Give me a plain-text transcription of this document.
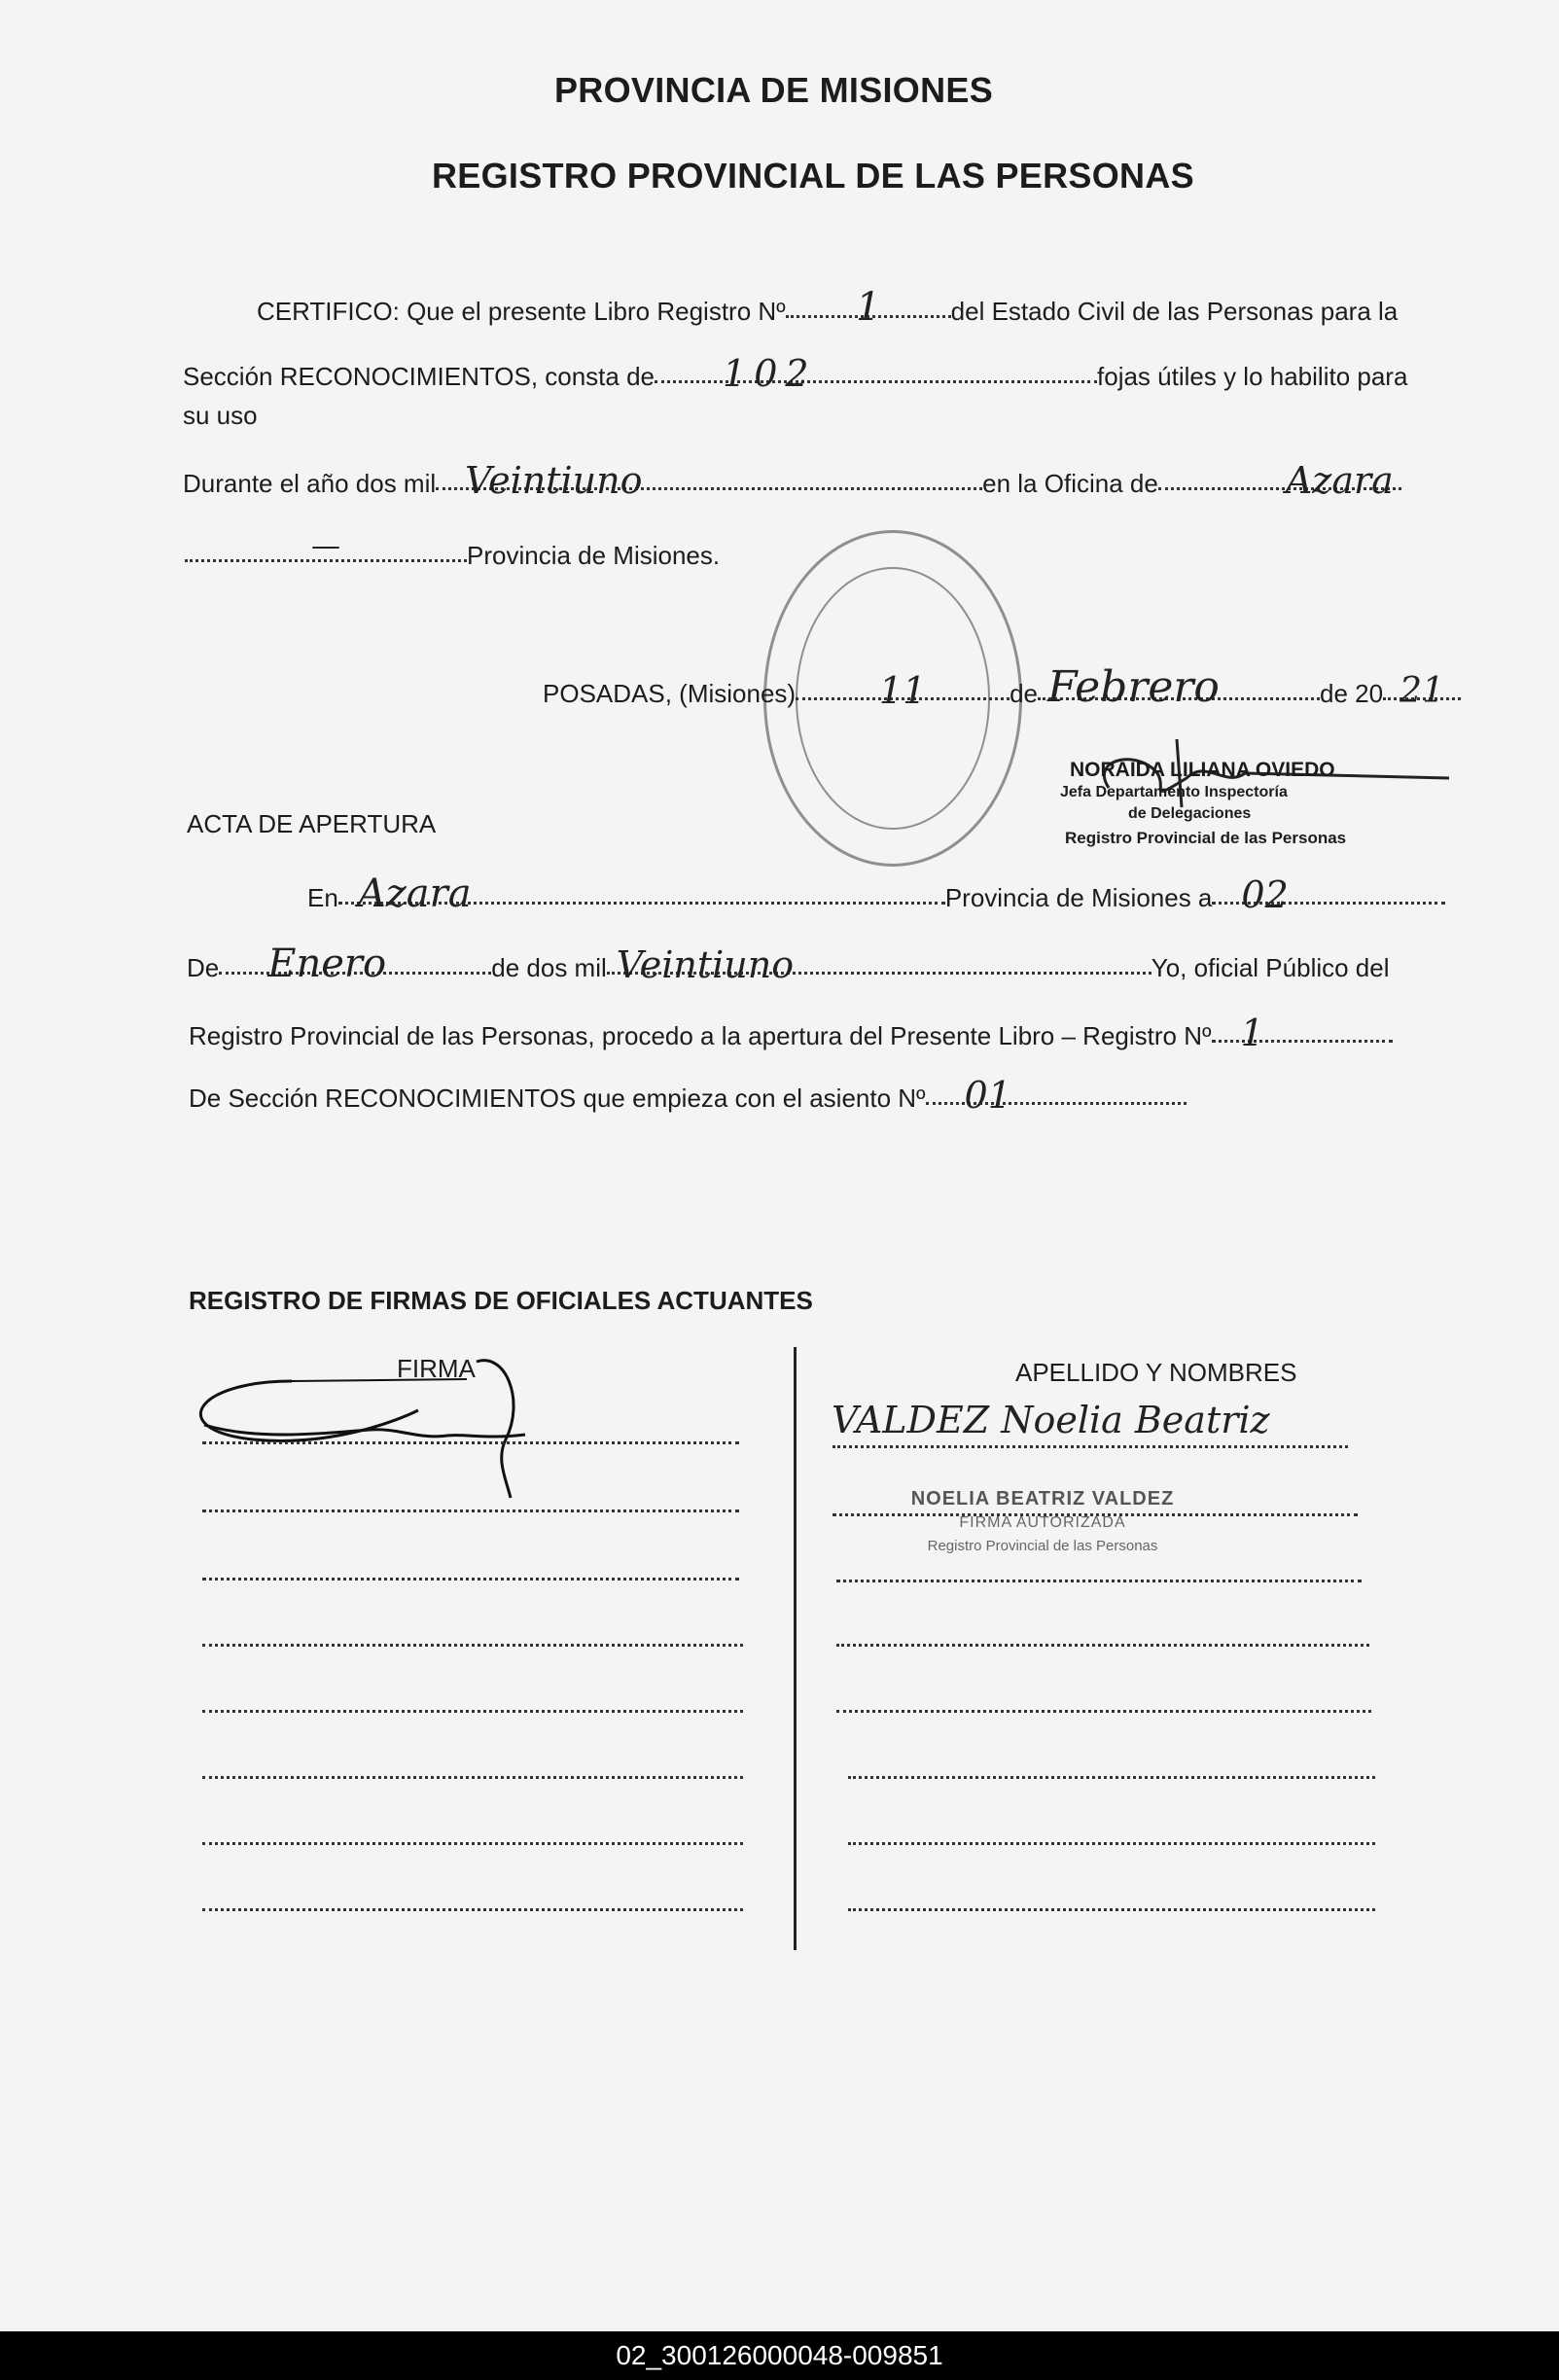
PROVINCIA DE MISIONES
REGISTRO PROVINCIAL DE LAS PERSONAS
CERTIFICO: Que el presente Libro Registro Nº	1	del Estado Civil de las Personas para la
Sección RECONOCIMIENTOS, consta de 102	fojas útiles y lo habilito para
su uso
Durante el año dos mil Veintiuno	en la Oficina de	Azara
—	Provincia de Misiones.
POSADAS, (Misiones)	11	de Febrero	de 20 21
NORAIDA LILIANA OVIEDO
Jefa Departamento Inspectoría
de Delegaciones
Registro Provincial de las Personas
ACTA DE APERTURA
En Azara	Provincia de Misiones a 02
De Enero	de dos mil Veintiuno	Yo, oficial Público del
Registro Provincial de las Personas, procedo a la apertura del Presente Libro – Registro Nº 1
De Sección RECONOCIMIENTOS que empieza con el asiento Nº 01
REGISTRO DE FIRMAS DE OFICIALES ACTUANTES
FIRMA	APELLIDO Y NOMBRES
VALDEZ Noelia Beatriz
NOELIA BEATRIZ VALDEZ
FIRMA AUTORIZADA
Registro Provincial de las Personas
02_300126000048-009851
